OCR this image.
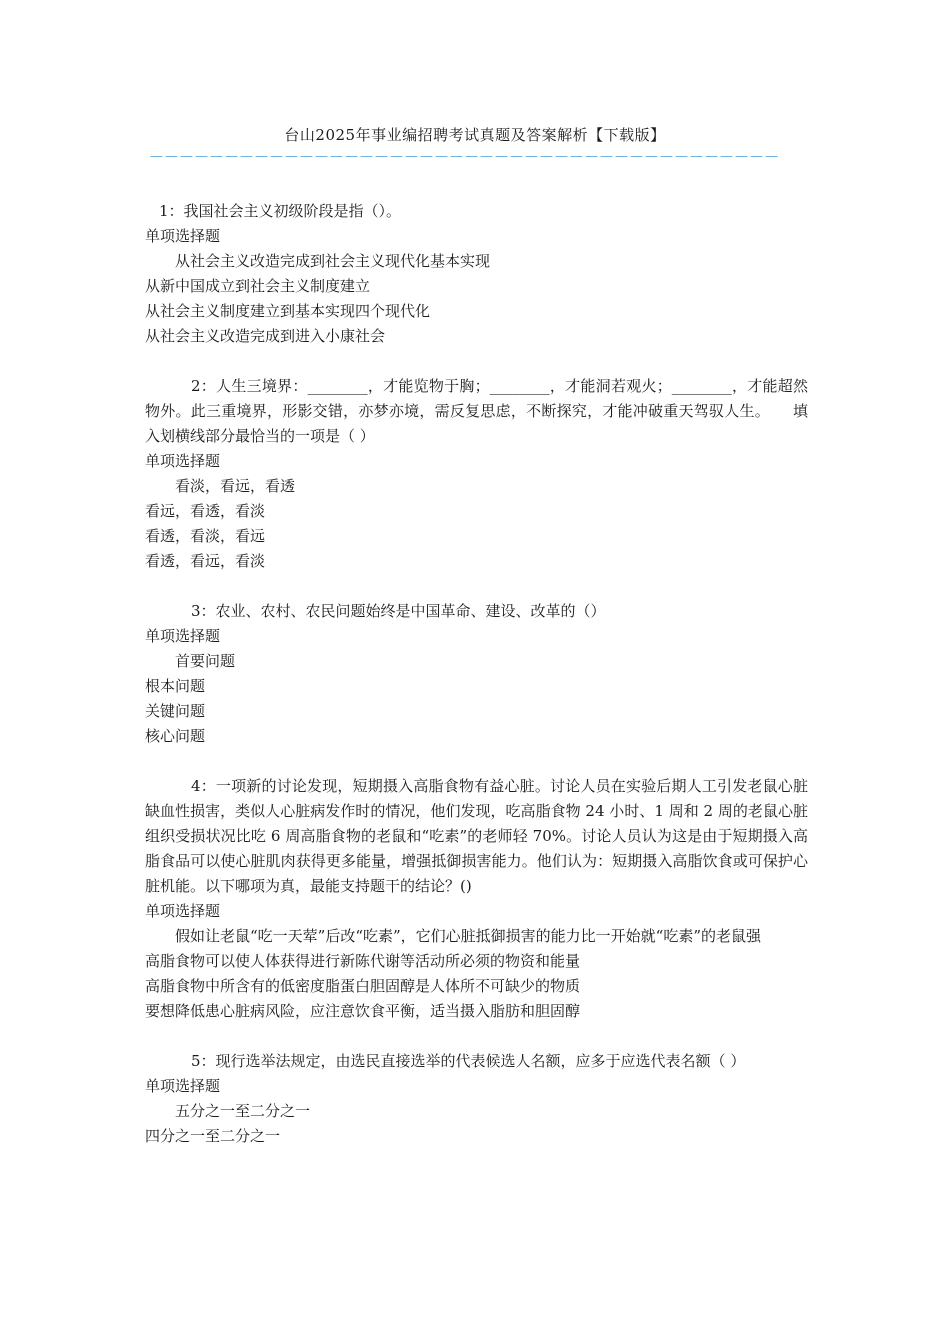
台山2025年事业编招聘考试真题及答案解析【下载版】
——————————————————————————————————————————

1：我国社会主义初级阶段是指（）。

单项选择题

从社会主义改造完成到社会主义现代化基本实现

从新中国成立到社会主义制度建立

从社会主义制度建立到基本实现四个现代化

从社会主义改造完成到进入小康社会

2：人生三境界：________，才能览物于胸；________，才能洞若观火；________，才能超然物外。此三重境界，形影交错，亦梦亦境，需反复思虑，不断探究，才能冲破重天驾驭人生。　　填入划横线部分最恰当的一项是（ ）

单项选择题

看淡，看远，看透

看远，看透，看淡

看透，看淡，看远

看透，看远，看淡

3：农业、农村、农民问题始终是中国革命、建设、改革的（）

单项选择题

首要问题

根本问题

关键问题

核心问题

4：一项新的讨论发现，短期摄入高脂食物有益心脏。讨论人员在实验后期人工引发老鼠心脏缺血性损害，类似人心脏病发作时的情况，他们发现，吃高脂食物 24 小时、1 周和 2 周的老鼠心脏组织受损状况比吃 6 周高脂食物的老鼠和“吃素”的老师轻 70%。讨论人员认为这是由于短期摄入高脂食品可以使心脏肌肉获得更多能量，增强抵御损害能力。他们认为：短期摄入高脂饮食或可保护心脏机能。以下哪项为真，最能支持题干的结论？()

单项选择题

假如让老鼠“吃一天荤”后改“吃素”，它们心脏抵御损害的能力比一开始就“吃素”的老鼠强

高脂食物可以使人体获得进行新陈代谢等活动所必须的物资和能量

高脂食物中所含有的低密度脂蛋白胆固醇是人体所不可缺少的物质

要想降低患心脏病风险，应注意饮食平衡，适当摄入脂肪和胆固醇

5：现行选举法规定，由选民直接选举的代表候选人名额，应多于应选代表名额（ ）

单项选择题

五分之一至二分之一

四分之一至二分之一
